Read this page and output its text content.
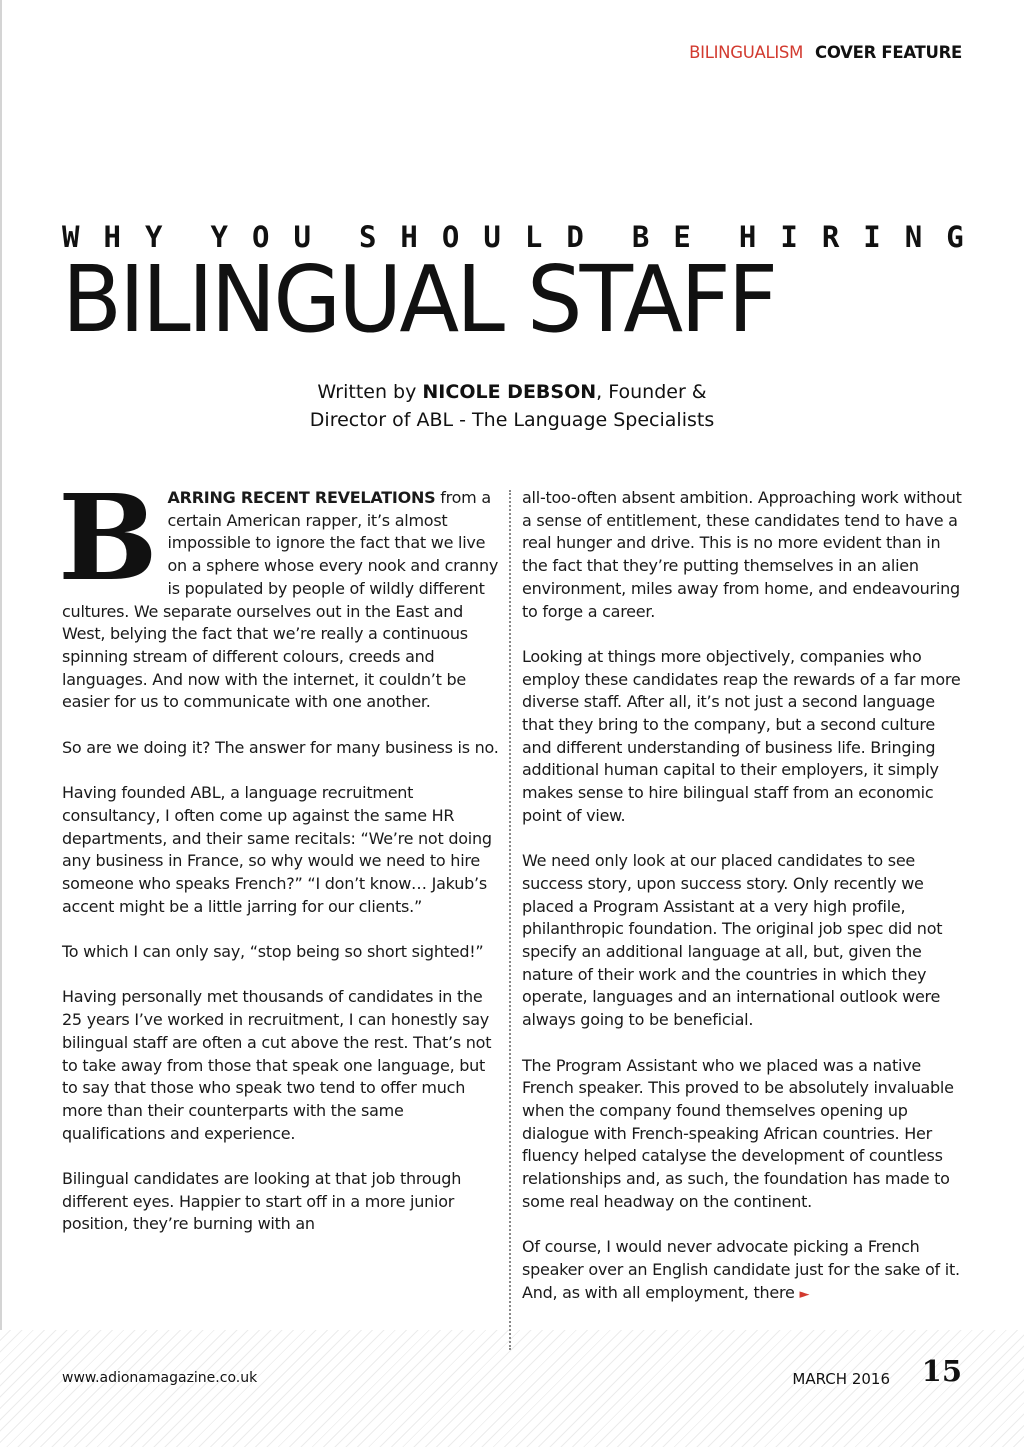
BILINGUALISM COVER FEATURE

W H Y Y O U S H O U L D B E H I R I N G
BILINGUAL STAFF

Written by NICOLE DEBSON, Founder &
Director of ABL - The Language Specialists

BARRING RECENT REVELATIONS from a certain American rapper, it’s almost impossible to ignore the fact that we live on a sphere whose every nook and cranny is populated by people of wildly different cultures. We separate ourselves out in the East and West, belying the fact that we’re really a continuous spinning stream of different colours, creeds and languages. And now with the internet, it couldn’t be easier for us to communicate with one another.

So are we doing it? The answer for many business is no.

Having founded ABL, a language recruitment consultancy, I often come up against the same HR departments, and their same recitals: “We’re not doing any business in France, so why would we need to hire someone who speaks French?” “I don’t know… Jakub’s accent might be a little jarring for our clients.”

To which I can only say, “stop being so short sighted!”

Having personally met thousands of candidates in the 25 years I’ve worked in recruitment, I can honestly say bilingual staff are often a cut above the rest. That’s not to take away from those that speak one language, but to say that those who speak two tend to offer much more than their counterparts with the same qualifications and experience.

Bilingual candidates are looking at that job through different eyes. Happier to start off in a more junior position, they’re burning with an

all-too-often absent ambition. Approaching work without a sense of entitlement, these candidates tend to have a real hunger and drive. This is no more evident than in the fact that they’re putting themselves in an alien environment, miles away from home, and endeavouring to forge a career.

Looking at things more objectively, companies who employ these candidates reap the rewards of a far more diverse staff. After all, it’s not just a second language that they bring to the company, but a second culture and different understanding of business life. Bringing additional human capital to their employers, it simply makes sense to hire bilingual staff from an economic point of view.

We need only look at our placed candidates to see success story, upon success story. Only recently we placed a Program Assistant at a very high profile, philanthropic foundation. The original job spec did not specify an additional language at all, but, given the nature of their work and the countries in which they operate, languages and an international outlook were always going to be beneficial.

The Program Assistant who we placed was a native French speaker. This proved to be absolutely invaluable when the company found themselves opening up dialogue with French-speaking African countries. Her fluency helped catalyse the development of countless relationships and, as such, the foundation has made to some real headway on the continent.

Of course, I would never advocate picking a French speaker over an English candidate just for the sake of it. And, as with all employment, there ►

www.adionamagazine.co.uk	MARCH 2016 15
